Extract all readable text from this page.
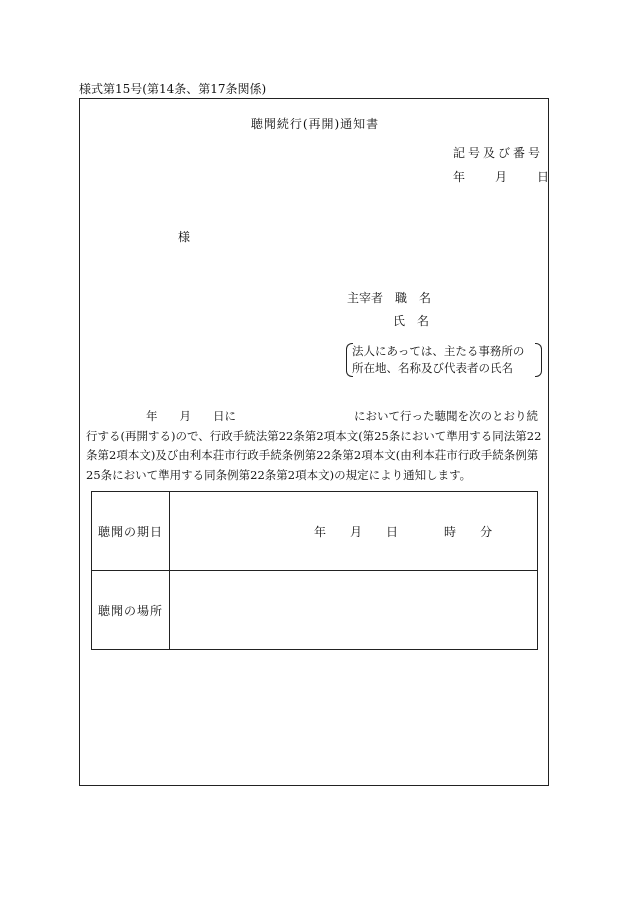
様式第15号(第14条、第17条関係)
聴聞続行(再開)通知書
記号及び番号
年	月	日
様
主宰者　職　名
氏　名
法人にあっては、主たる事務所の
所在地、名称及び代表者の氏名
年 月 日に	において行った聴聞を次のとおり続
行する(再開する)ので、行政手続法第22条第2項本文(第25条において準用する同法第22
条第2項本文)及び由利本荘市行政手続条例第22条第2項本文(由利本荘市行政手続条例第
25条において準用する同条例第22条第2項本文)の規定により通知します。
聴聞の期日	年 月 日 時 分
聴聞の場所	
